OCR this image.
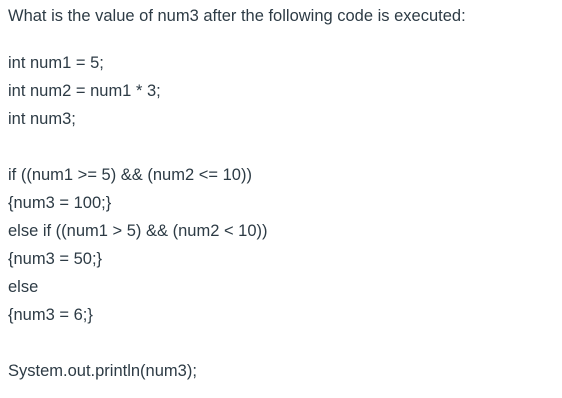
What is the value of num3 after the following code is executed:
int num1 = 5;
int num2 = num1 * 3;
int num3;
if ((num1 >= 5) && (num2 <= 10))
{num3 = 100;}
else if ((num1 > 5) && (num2 < 10))
{num3 = 50;}
else
{num3 = 6;}
System.out.println(num3);
